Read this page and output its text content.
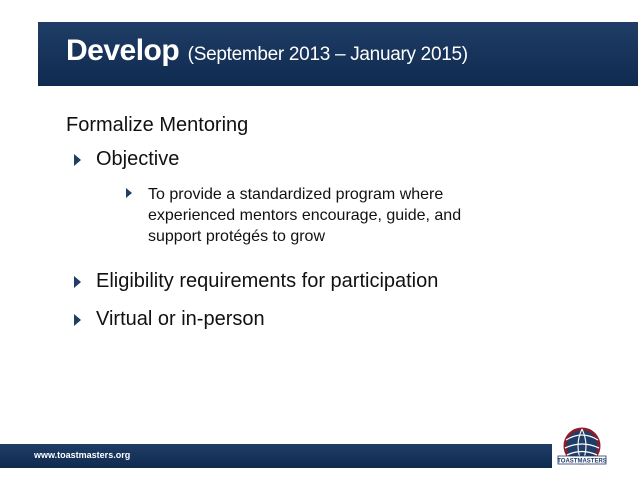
Develop (September 2013 – January 2015)
Formalize Mentoring
Objective
To provide a standardized program where
experienced mentors encourage, guide, and
support protégés to grow
Eligibility requirements for participation
Virtual or in-person
www.toastmasters.org
TOASTMASTERS
